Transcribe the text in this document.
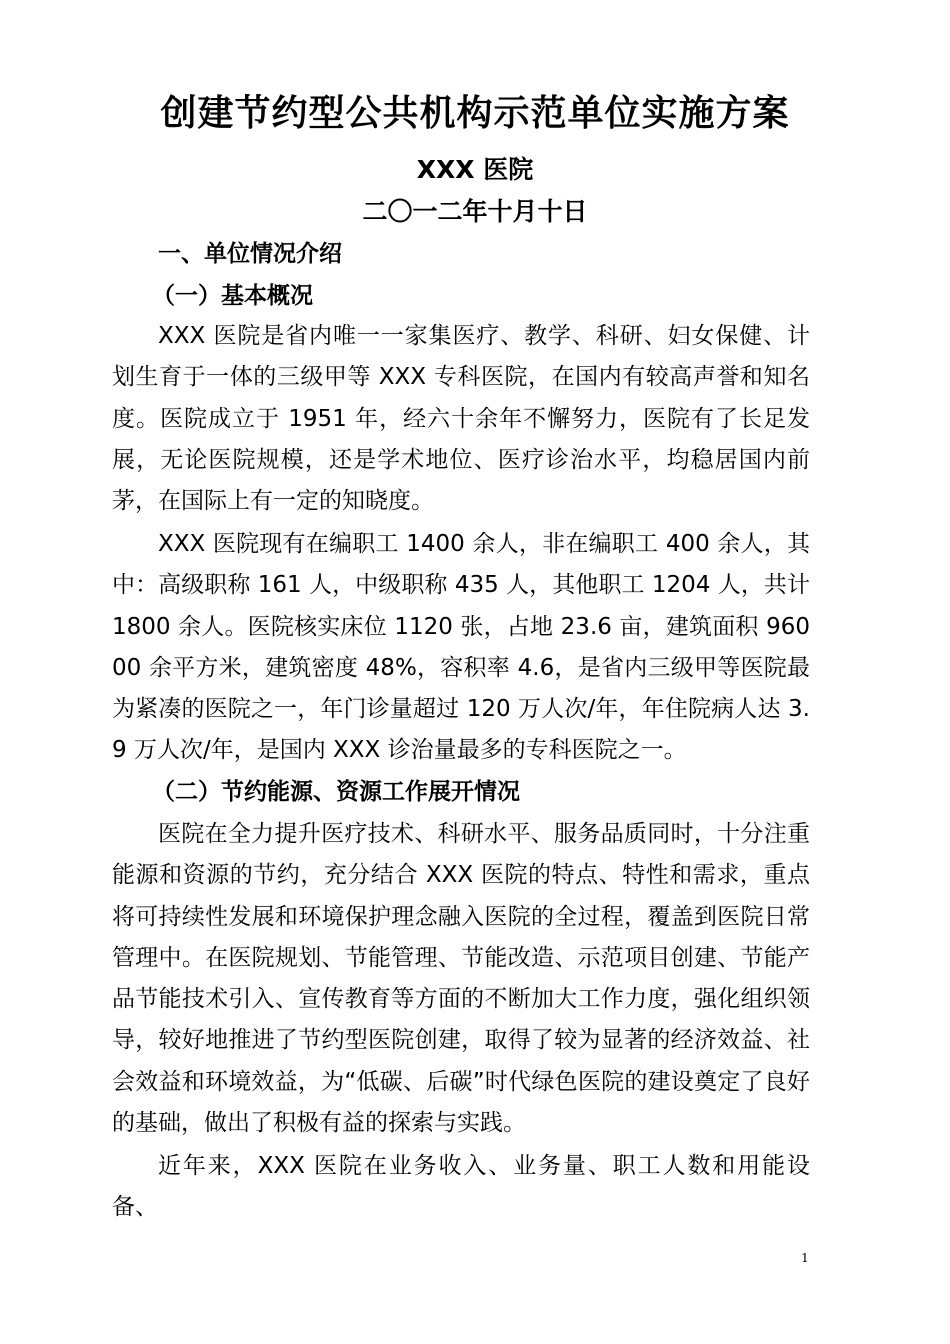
创建节约型公共机构示范单位实施方案
XXX 医院
二〇一二年十月十日
一、单位情况介绍
（一）基本概况
XXX 医院是省内唯一一家集医疗、教学、科研、妇女保健、计划生育于一体的三级甲等 XXX 专科医院，在国内有较高声誉和知名度。医院成立于 1951 年，经六十余年不懈努力，医院有了长足发展，无论医院规模，还是学术地位、医疗诊治水平，均稳居国内前茅，在国际上有一定的知晓度。
XXX 医院现有在编职工 1400 余人，非在编职工 400 余人，其中：高级职称 161 人，中级职称 435 人，其他职工 1204 人，共计 1800 余人。医院核实床位 1120 张，占地 23.6 亩，建筑面积 96000 余平方米，建筑密度 48%，容积率 4.6，是省内三级甲等医院最为紧凑的医院之一，年门诊量超过 120 万人次/年，年住院病人达 3.9 万人次/年，是国内 XXX 诊治量最多的专科医院之一。
（二）节约能源、资源工作展开情况
医院在全力提升医疗技术、科研水平、服务品质同时，十分注重能源和资源的节约，充分结合 XXX 医院的特点、特性和需求，重点将可持续性发展和环境保护理念融入医院的全过程，覆盖到医院日常管理中。在医院规划、节能管理、节能改造、示范项目创建、节能产品节能技术引入、宣传教育等方面的不断加大工作力度，强化组织领导，较好地推进了节约型医院创建，取得了较为显著的经济效益、社会效益和环境效益，为“低碳、后碳”时代绿色医院的建设奠定了良好的基础，做出了积极有益的探索与实践。
近年来，XXX 医院在业务收入、业务量、职工人数和用能设备、
1
